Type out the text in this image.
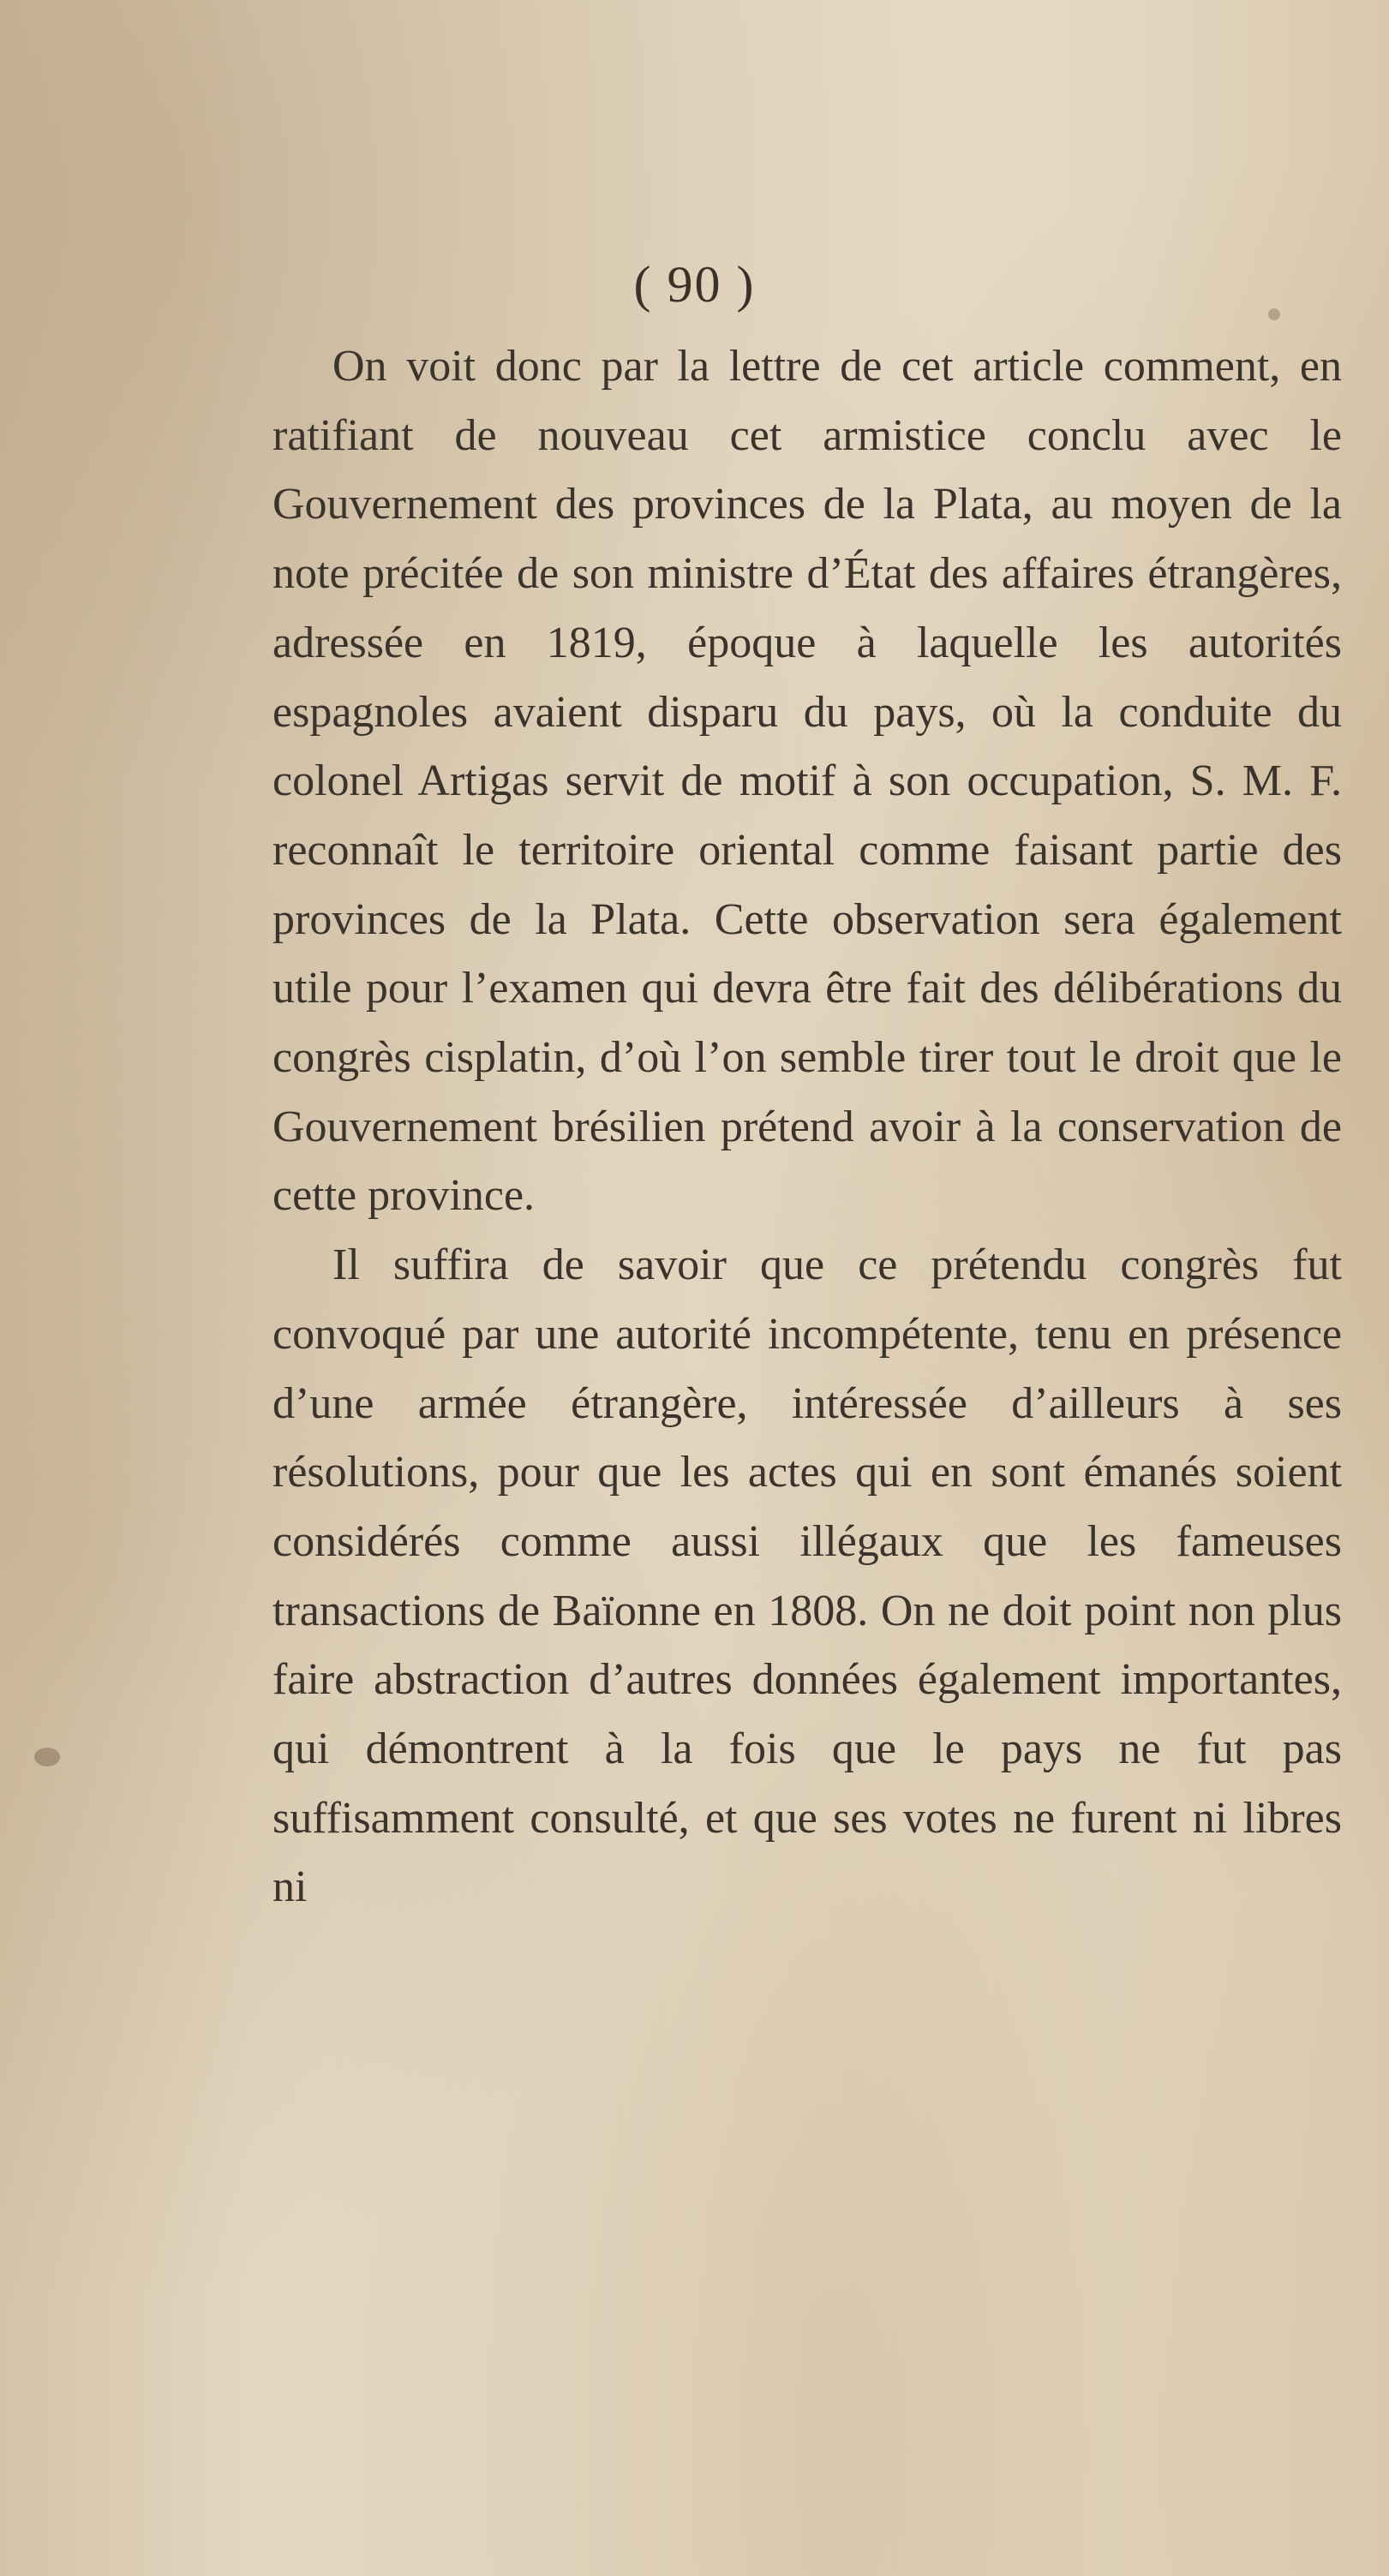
( 90 )

On voit donc par la lettre de cet article comment, en ratifiant de nouveau cet armistice conclu avec le Gouvernement des provinces de la Plata, au moyen de la note précitée de son ministre d’État des affaires étrangères, adressée en 1819, époque à laquelle les autorités espagnoles avaient disparu du pays, où la conduite du colonel Artigas servit de motif à son occupation, S. M. F. reconnaît le territoire oriental comme faisant partie des provinces de la Plata. Cette observation sera également utile pour l’examen qui devra être fait des délibérations du congrès cisplatin, d’où l’on semble tirer tout le droit que le Gouvernement brésilien prétend avoir à la conservation de cette province.

Il suffira de savoir que ce prétendu congrès fut convoqué par une autorité incompétente, tenu en présence d’une armée étrangère, intéressée d’ailleurs à ses résolutions, pour que les actes qui en sont émanés soient considérés comme aussi illégaux que les fameuses transactions de Baïonne en 1808. On ne doit point non plus faire abstraction d’autres données également importantes, qui démontrent à la fois que le pays ne fut pas suffisamment consulté, et que ses votes ne furent ni libres ni
